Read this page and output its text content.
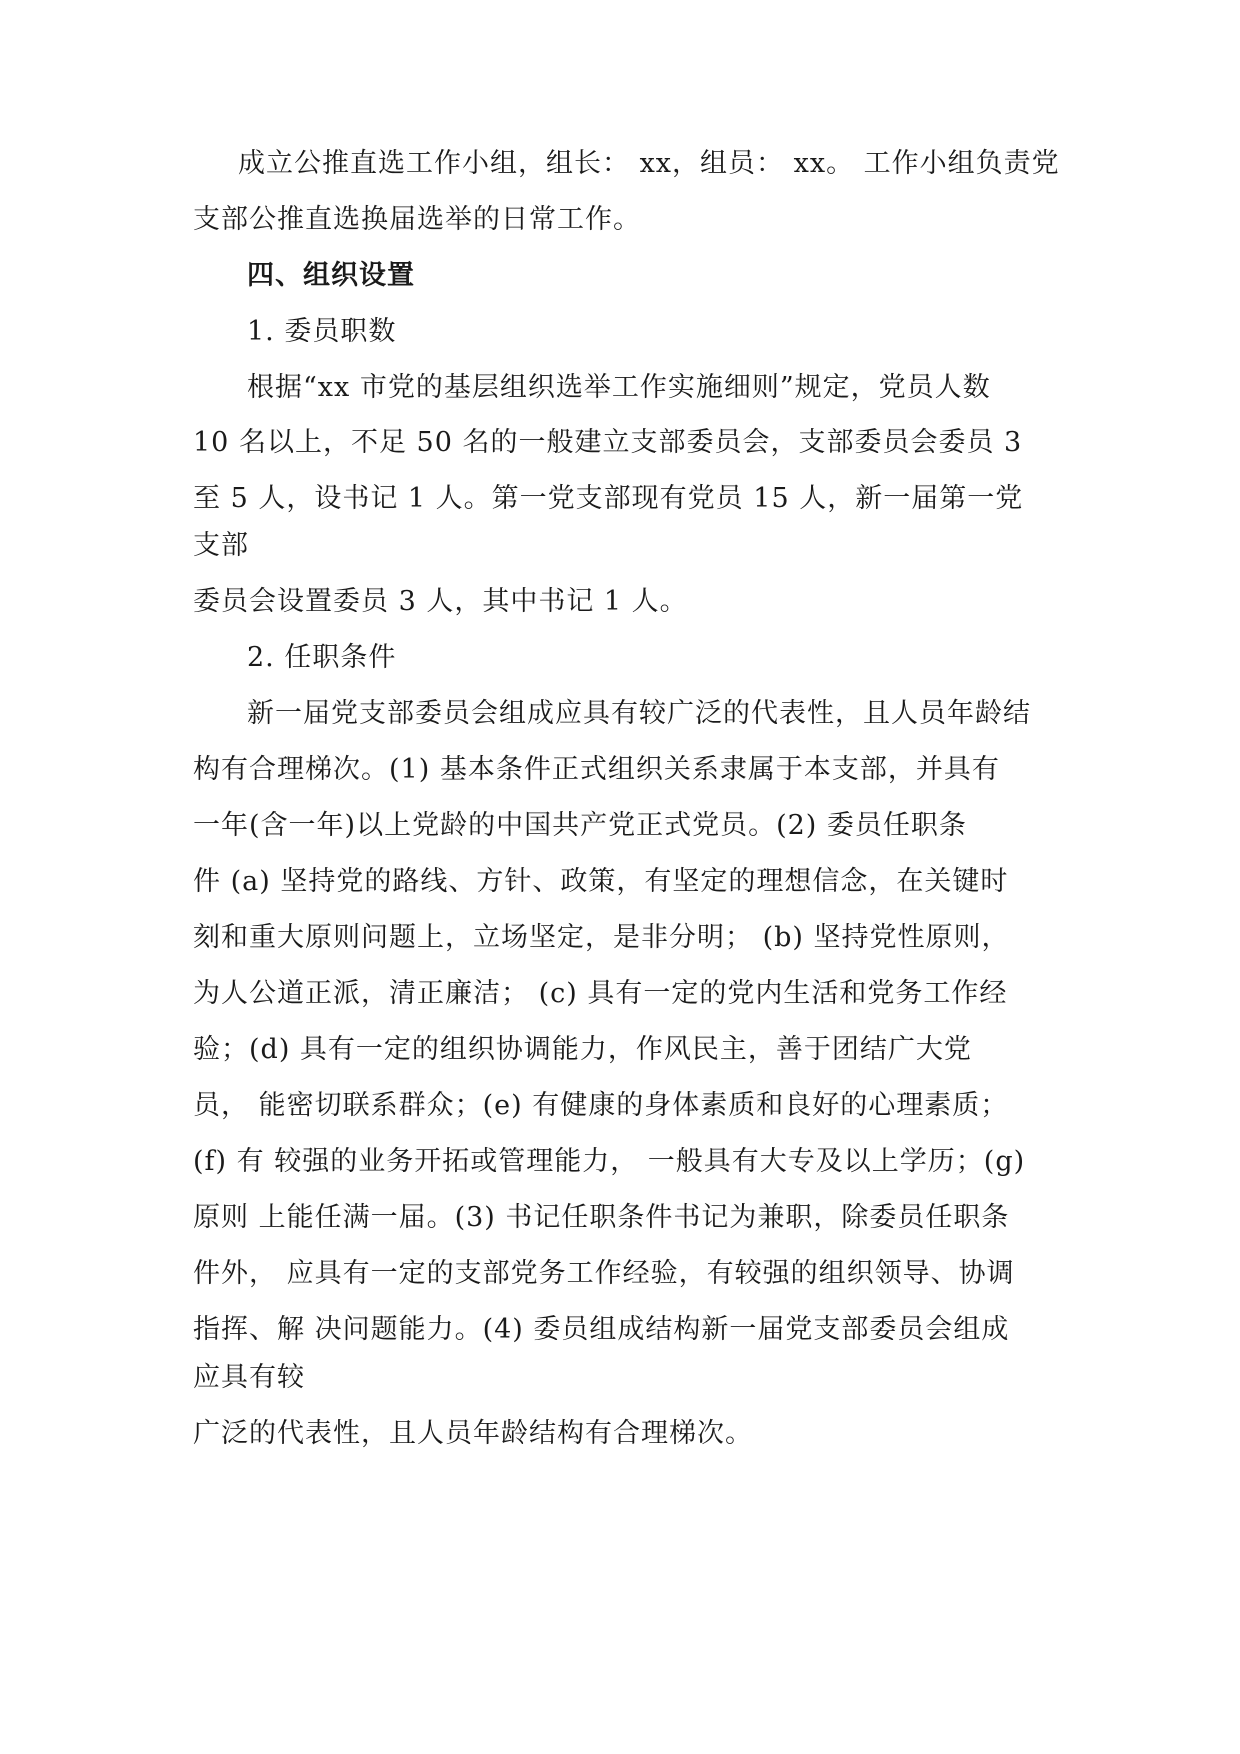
成立公推直选工作小组，组长： xx，组员： xx。 工作小组负责党
支部公推直选换届选举的日常工作。
四、组织设置
1. 委员职数
根据“xx 市党的基层组织选举工作实施细则”规定，党员人数
10 名以上，不足 50 名的一般建立支部委员会，支部委员会委员 3
至 5 人，设书记 1 人。第一党支部现有党员 15 人，新一届第一党
支部
委员会设置委员 3 人，其中书记 1 人。
2. 任职条件
新一届党支部委员会组成应具有较广泛的代表性，且人员年龄结
构有合理梯次。(1) 基本条件正式组织关系隶属于本支部，并具有
一年(含一年)以上党龄的中国共产党正式党员。(2) 委员任职条
件 (a) 坚持党的路线、方针、政策，有坚定的理想信念，在关键时
刻和重大原则问题上，立场坚定，是非分明； (b) 坚持党性原则，
为人公道正派，清正廉洁； (c) 具有一定的党内生活和党务工作经
验；(d) 具有一定的组织协调能力，作风民主，善于团结广大党
员， 能密切联系群众；(e) 有健康的身体素质和良好的心理素质；
(f) 有 较强的业务开拓或管理能力， 一般具有大专及以上学历；(g)
原则 上能任满一届。(3) 书记任职条件书记为兼职，除委员任职条
件外， 应具有一定的支部党务工作经验，有较强的组织领导、协调
指挥、解 决问题能力。(4) 委员组成结构新一届党支部委员会组成
应具有较
广泛的代表性，且人员年龄结构有合理梯次。
